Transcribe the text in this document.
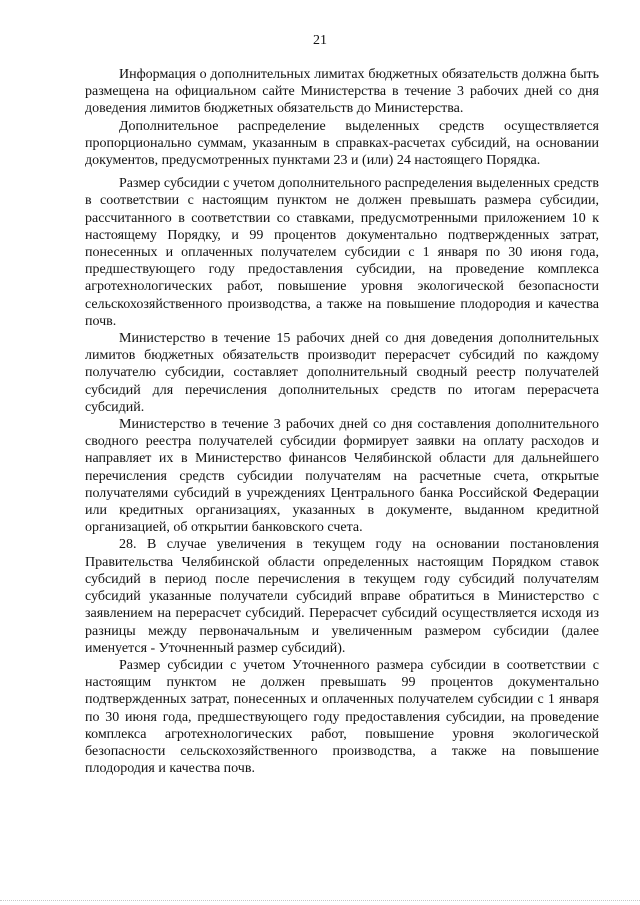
21

Информация о дополнительных лимитах бюджетных обязательств должна быть размещена на официальном сайте Министерства в течение 3 рабочих дней со дня доведения лимитов бюджетных обязательств до Министерства.

Дополнительное распределение выделенных средств осуществляется пропорционально суммам, указанным в справках-расчетах субсидий, на основании документов, предусмотренных пунктами 23 и (или) 24 настоящего Порядка.

Размер субсидии с учетом дополнительного распределения выделенных средств в соответствии с настоящим пунктом не должен превышать размера субсидии, рассчитанного в соответствии со ставками, предусмотренными приложением 10 к настоящему Порядку, и 99 процентов документально подтвержденных затрат, понесенных и оплаченных получателем субсидии с 1 января по 30 июня года, предшествующего году предоставления субсидии, на проведение комплекса агротехнологических работ, повышение уровня экологической безопасности сельскохозяйственного производства, а также на повышение плодородия и качества почв.

Министерство в течение 15 рабочих дней со дня доведения дополнительных лимитов бюджетных обязательств производит перерасчет субсидий по каждому получателю субсидии, составляет дополнительный сводный реестр получателей субсидий для перечисления дополнительных средств по итогам перерасчета субсидий.

Министерство в течение 3 рабочих дней со дня составления дополнительного сводного реестра получателей субсидии формирует заявки на оплату расходов и направляет их в Министерство финансов Челябинской области для дальнейшего перечисления средств субсидии получателям на расчетные счета, открытые получателями субсидий в учреждениях Центрального банка Российской Федерации или кредитных организациях, указанных в документе, выданном кредитной организацией, об открытии банковского счета.

28. В случае увеличения в текущем году на основании постановления Правительства Челябинской области определенных настоящим Порядком ставок субсидий в период после перечисления в текущем году субсидий получателям субсидий указанные получатели субсидий вправе обратиться в Министерство с заявлением на перерасчет субсидий. Перерасчет субсидий осуществляется исходя из разницы между первоначальным и увеличенным размером субсидии (далее именуется - Уточненный размер субсидий).

Размер субсидии с учетом Уточненного размера субсидии в соответствии с настоящим пунктом не должен превышать 99 процентов документально подтвержденных затрат, понесенных и оплаченных получателем субсидии с 1 января по 30 июня года, предшествующего году предоставления субсидии, на проведение комплекса агротехнологических работ, повышение уровня экологической безопасности сельскохозяйственного производства, а также на повышение плодородия и качества почв.
